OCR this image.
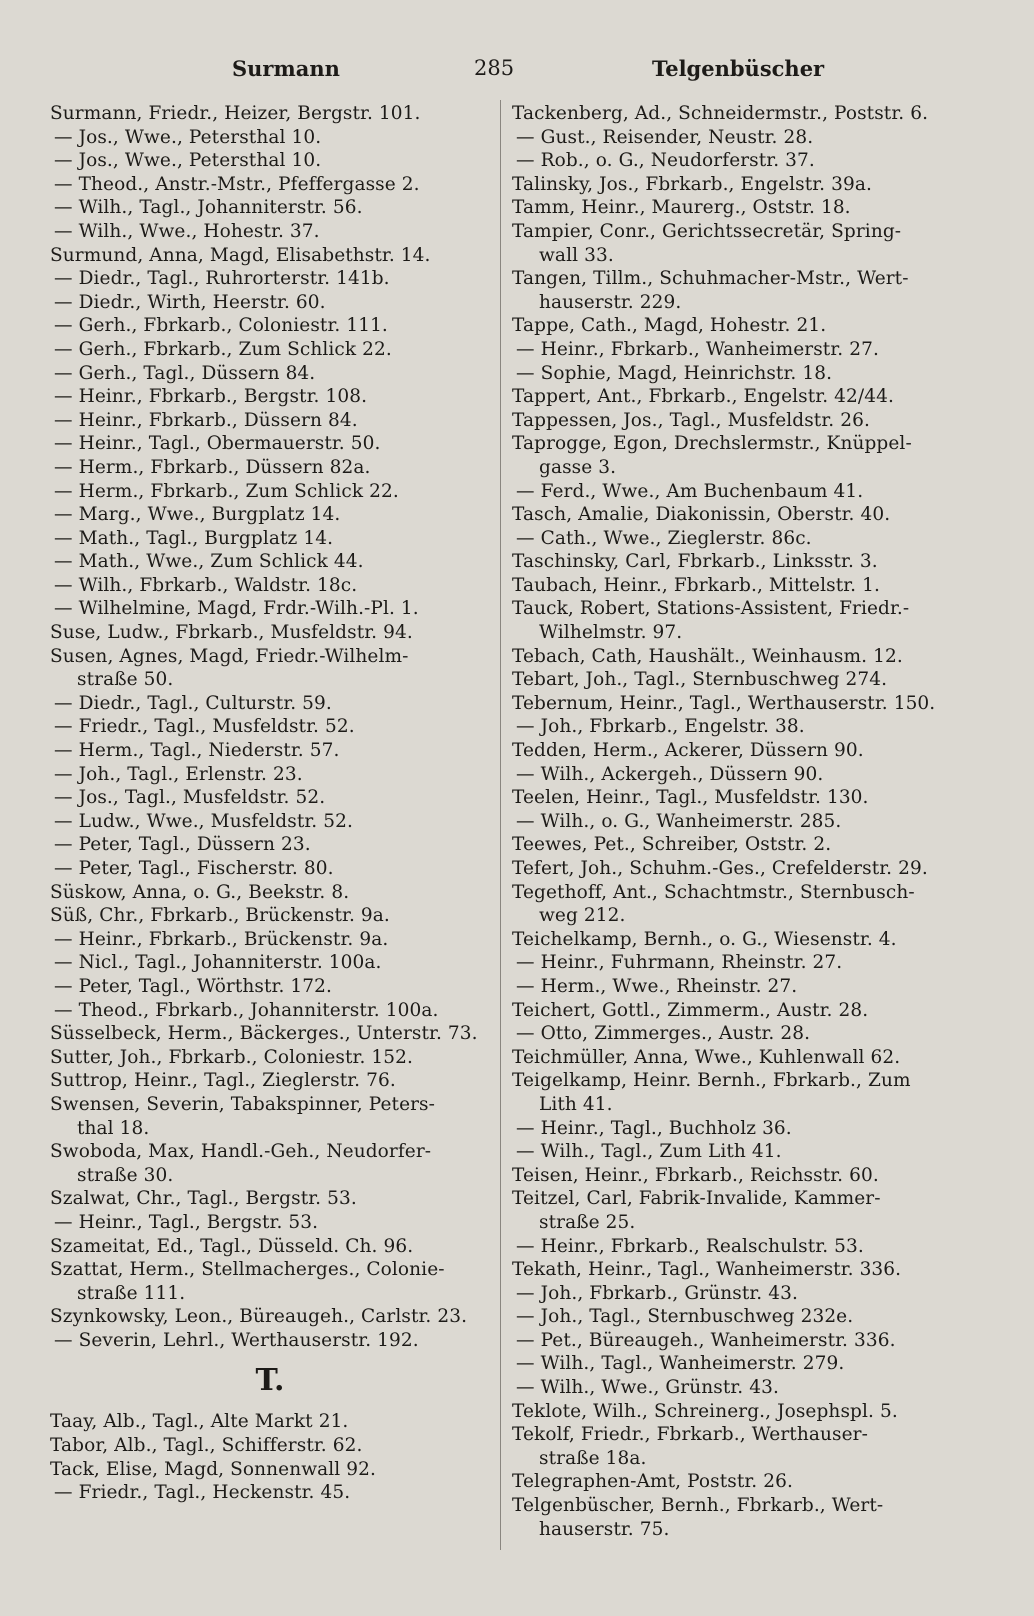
Surmann	285	Telgenbüscher
Surmann, Friedr., Heizer, Bergstr. 101.
— Jos., Wwe., Petersthal 10.
— Jos., Wwe., Petersthal 10.
— Theod., Anstr.-Mstr., Pfeffergasse 2.
— Wilh., Tagl., Johanniterstr. 56.
— Wilh., Wwe., Hohestr. 37.
Surmund, Anna, Magd, Elisabethstr. 14.
— Diedr., Tagl., Ruhrorterstr. 141b.
— Diedr., Wirth, Heerstr. 60.
— Gerh., Fbrkarb., Coloniestr. 111.
— Gerh., Fbrkarb., Zum Schlick 22.
— Gerh., Tagl., Düssern 84.
— Heinr., Fbrkarb., Bergstr. 108.
— Heinr., Fbrkarb., Düssern 84.
— Heinr., Tagl., Obermauerstr. 50.
— Herm., Fbrkarb., Düssern 82a.
— Herm., Fbrkarb., Zum Schlick 22.
— Marg., Wwe., Burgplatz 14.
— Math., Tagl., Burgplatz 14.
— Math., Wwe., Zum Schlick 44.
— Wilh., Fbrkarb., Waldstr. 18c.
— Wilhelmine, Magd, Frdr.-Wilh.-Pl. 1.
Suse, Ludw., Fbrkarb., Musfeldstr. 94.
Susen, Agnes, Magd, Friedr.-Wilhelm-
straße 50.
— Diedr., Tagl., Culturstr. 59.
— Friedr., Tagl., Musfeldstr. 52.
— Herm., Tagl., Niederstr. 57.
— Joh., Tagl., Erlenstr. 23.
— Jos., Tagl., Musfeldstr. 52.
— Ludw., Wwe., Musfeldstr. 52.
— Peter, Tagl., Düssern 23.
— Peter, Tagl., Fischerstr. 80.
Süskow, Anna, o. G., Beekstr. 8.
Süß, Chr., Fbrkarb., Brückenstr. 9a.
— Heinr., Fbrkarb., Brückenstr. 9a.
— Nicl., Tagl., Johanniterstr. 100a.
— Peter, Tagl., Wörthstr. 172.
— Theod., Fbrkarb., Johanniterstr. 100a.
Süsselbeck, Herm., Bäckerges., Unterstr. 73.
Sutter, Joh., Fbrkarb., Coloniestr. 152.
Suttrop, Heinr., Tagl., Zieglerstr. 76.
Swensen, Severin, Tabakspinner, Peters-
thal 18.
Swoboda, Max, Handl.-Geh., Neudorfer-
straße 30.
Szalwat, Chr., Tagl., Bergstr. 53.
— Heinr., Tagl., Bergstr. 53.
Szameitat, Ed., Tagl., Düsseld. Ch. 96.
Szattat, Herm., Stellmacherges., Colonie-
straße 111.
Szynkowsky, Leon., Büreaugeh., Carlstr. 23.
— Severin, Lehrl., Werthauserstr. 192.
T.
Taay, Alb., Tagl., Alte Markt 21.
Tabor, Alb., Tagl., Schifferstr. 62.
Tack, Elise, Magd, Sonnenwall 92.
— Friedr., Tagl., Heckenstr. 45.
Tackenberg, Ad., Schneidermstr., Poststr. 6.
— Gust., Reisender, Neustr. 28.
— Rob., o. G., Neudorferstr. 37.
Talinsky, Jos., Fbrkarb., Engelstr. 39a.
Tamm, Heinr., Maurerg., Oststr. 18.
Tampier, Conr., Gerichtssecretär, Spring-
wall 33.
Tangen, Tillm., Schuhmacher-Mstr., Wert-
hauserstr. 229.
Tappe, Cath., Magd, Hohestr. 21.
— Heinr., Fbrkarb., Wanheimerstr. 27.
— Sophie, Magd, Heinrichstr. 18.
Tappert, Ant., Fbrkarb., Engelstr. 42/44.
Tappessen, Jos., Tagl., Musfeldstr. 26.
Taprogge, Egon, Drechslermstr., Knüppel-
gasse 3.
— Ferd., Wwe., Am Buchenbaum 41.
Tasch, Amalie, Diakonissin, Oberstr. 40.
— Cath., Wwe., Zieglerstr. 86c.
Taschinsky, Carl, Fbrkarb., Linksstr. 3.
Taubach, Heinr., Fbrkarb., Mittelstr. 1.
Tauck, Robert, Stations-Assistent, Friedr.-
Wilhelmstr. 97.
Tebach, Cath, Haushält., Weinhausm. 12.
Tebart, Joh., Tagl., Sternbuschweg 274.
Tebernum, Heinr., Tagl., Werthauserstr. 150.
— Joh., Fbrkarb., Engelstr. 38.
Tedden, Herm., Ackerer, Düssern 90.
— Wilh., Ackergeh., Düssern 90.
Teelen, Heinr., Tagl., Musfeldstr. 130.
— Wilh., o. G., Wanheimerstr. 285.
Teewes, Pet., Schreiber, Oststr. 2.
Tefert, Joh., Schuhm.-Ges., Crefelderstr. 29.
Tegethoff, Ant., Schachtmstr., Sternbusch-
weg 212.
Teichelkamp, Bernh., o. G., Wiesenstr. 4.
— Heinr., Fuhrmann, Rheinstr. 27.
— Herm., Wwe., Rheinstr. 27.
Teichert, Gottl., Zimmerm., Austr. 28.
— Otto, Zimmerges., Austr. 28.
Teichmüller, Anna, Wwe., Kuhlenwall 62.
Teigelkamp, Heinr. Bernh., Fbrkarb., Zum
Lith 41.
— Heinr., Tagl., Buchholz 36.
— Wilh., Tagl., Zum Lith 41.
Teisen, Heinr., Fbrkarb., Reichsstr. 60.
Teitzel, Carl, Fabrik-Invalide, Kammer-
straße 25.
— Heinr., Fbrkarb., Realschulstr. 53.
Tekath, Heinr., Tagl., Wanheimerstr. 336.
— Joh., Fbrkarb., Grünstr. 43.
— Joh., Tagl., Sternbuschweg 232e.
— Pet., Büreaugeh., Wanheimerstr. 336.
— Wilh., Tagl., Wanheimerstr. 279.
— Wilh., Wwe., Grünstr. 43.
Teklote, Wilh., Schreinerg., Josephspl. 5.
Tekolf, Friedr., Fbrkarb., Werthauser-
straße 18a.
Telegraphen-Amt, Poststr. 26.
Telgenbüscher, Bernh., Fbrkarb., Wert-
hauserstr. 75.
